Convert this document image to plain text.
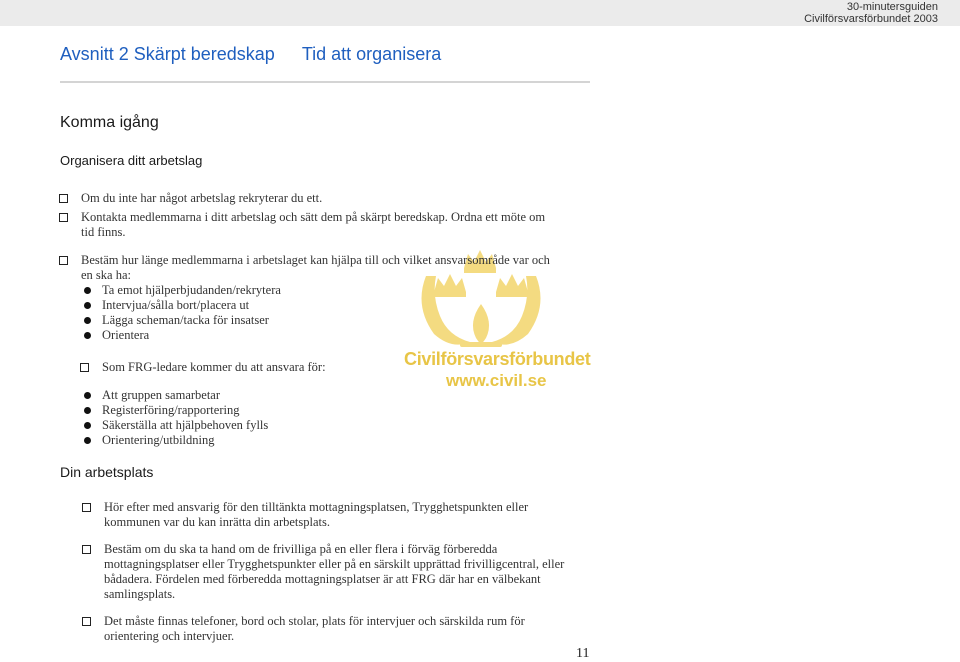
30-minutersguiden
Civilförsvarsförbundet 2003
Avsnitt 2 Skärpt beredskap Tid att organisera
Komma igång
Organisera ditt arbetslag
Civilförsvarsförbundet
www.civil.se
Om du inte har något arbetslag rekryterar du ett.
Kontakta medlemmarna i ditt arbetslag och sätt dem på skärpt beredskap. Ordna ett möte om
tid finns.
Bestäm hur länge medlemmarna i arbetslaget kan hjälpa till och vilket ansvarsområde var och
en ska ha:
Ta emot hjälperbjudanden/rekrytera
Intervjua/sålla bort/placera ut
Lägga scheman/tacka för insatser
Orientera
Som FRG-ledare kommer du att ansvara för:
Att gruppen samarbetar
Registerföring/rapportering
Säkerställa att hjälpbehoven fylls
Orientering/utbildning
Din arbetsplats
Hör efter med ansvarig för den tilltänkta mottagningsplatsen, Trygghetspunkten eller
kommunen var du kan inrätta din arbetsplats.
Bestäm om du ska ta hand om de frivilliga på en eller flera i förväg förberedda
mottagningsplatser eller Trygghetspunkter eller på en särskilt upprättad frivilligcentral, eller
bådadera. Fördelen med förberedda mottagningsplatser är att FRG där har en välbekant
samlingsplats.
Det måste finnas telefoner, bord och stolar, plats för intervjuer och särskilda rum för
orientering och intervjuer.
11
